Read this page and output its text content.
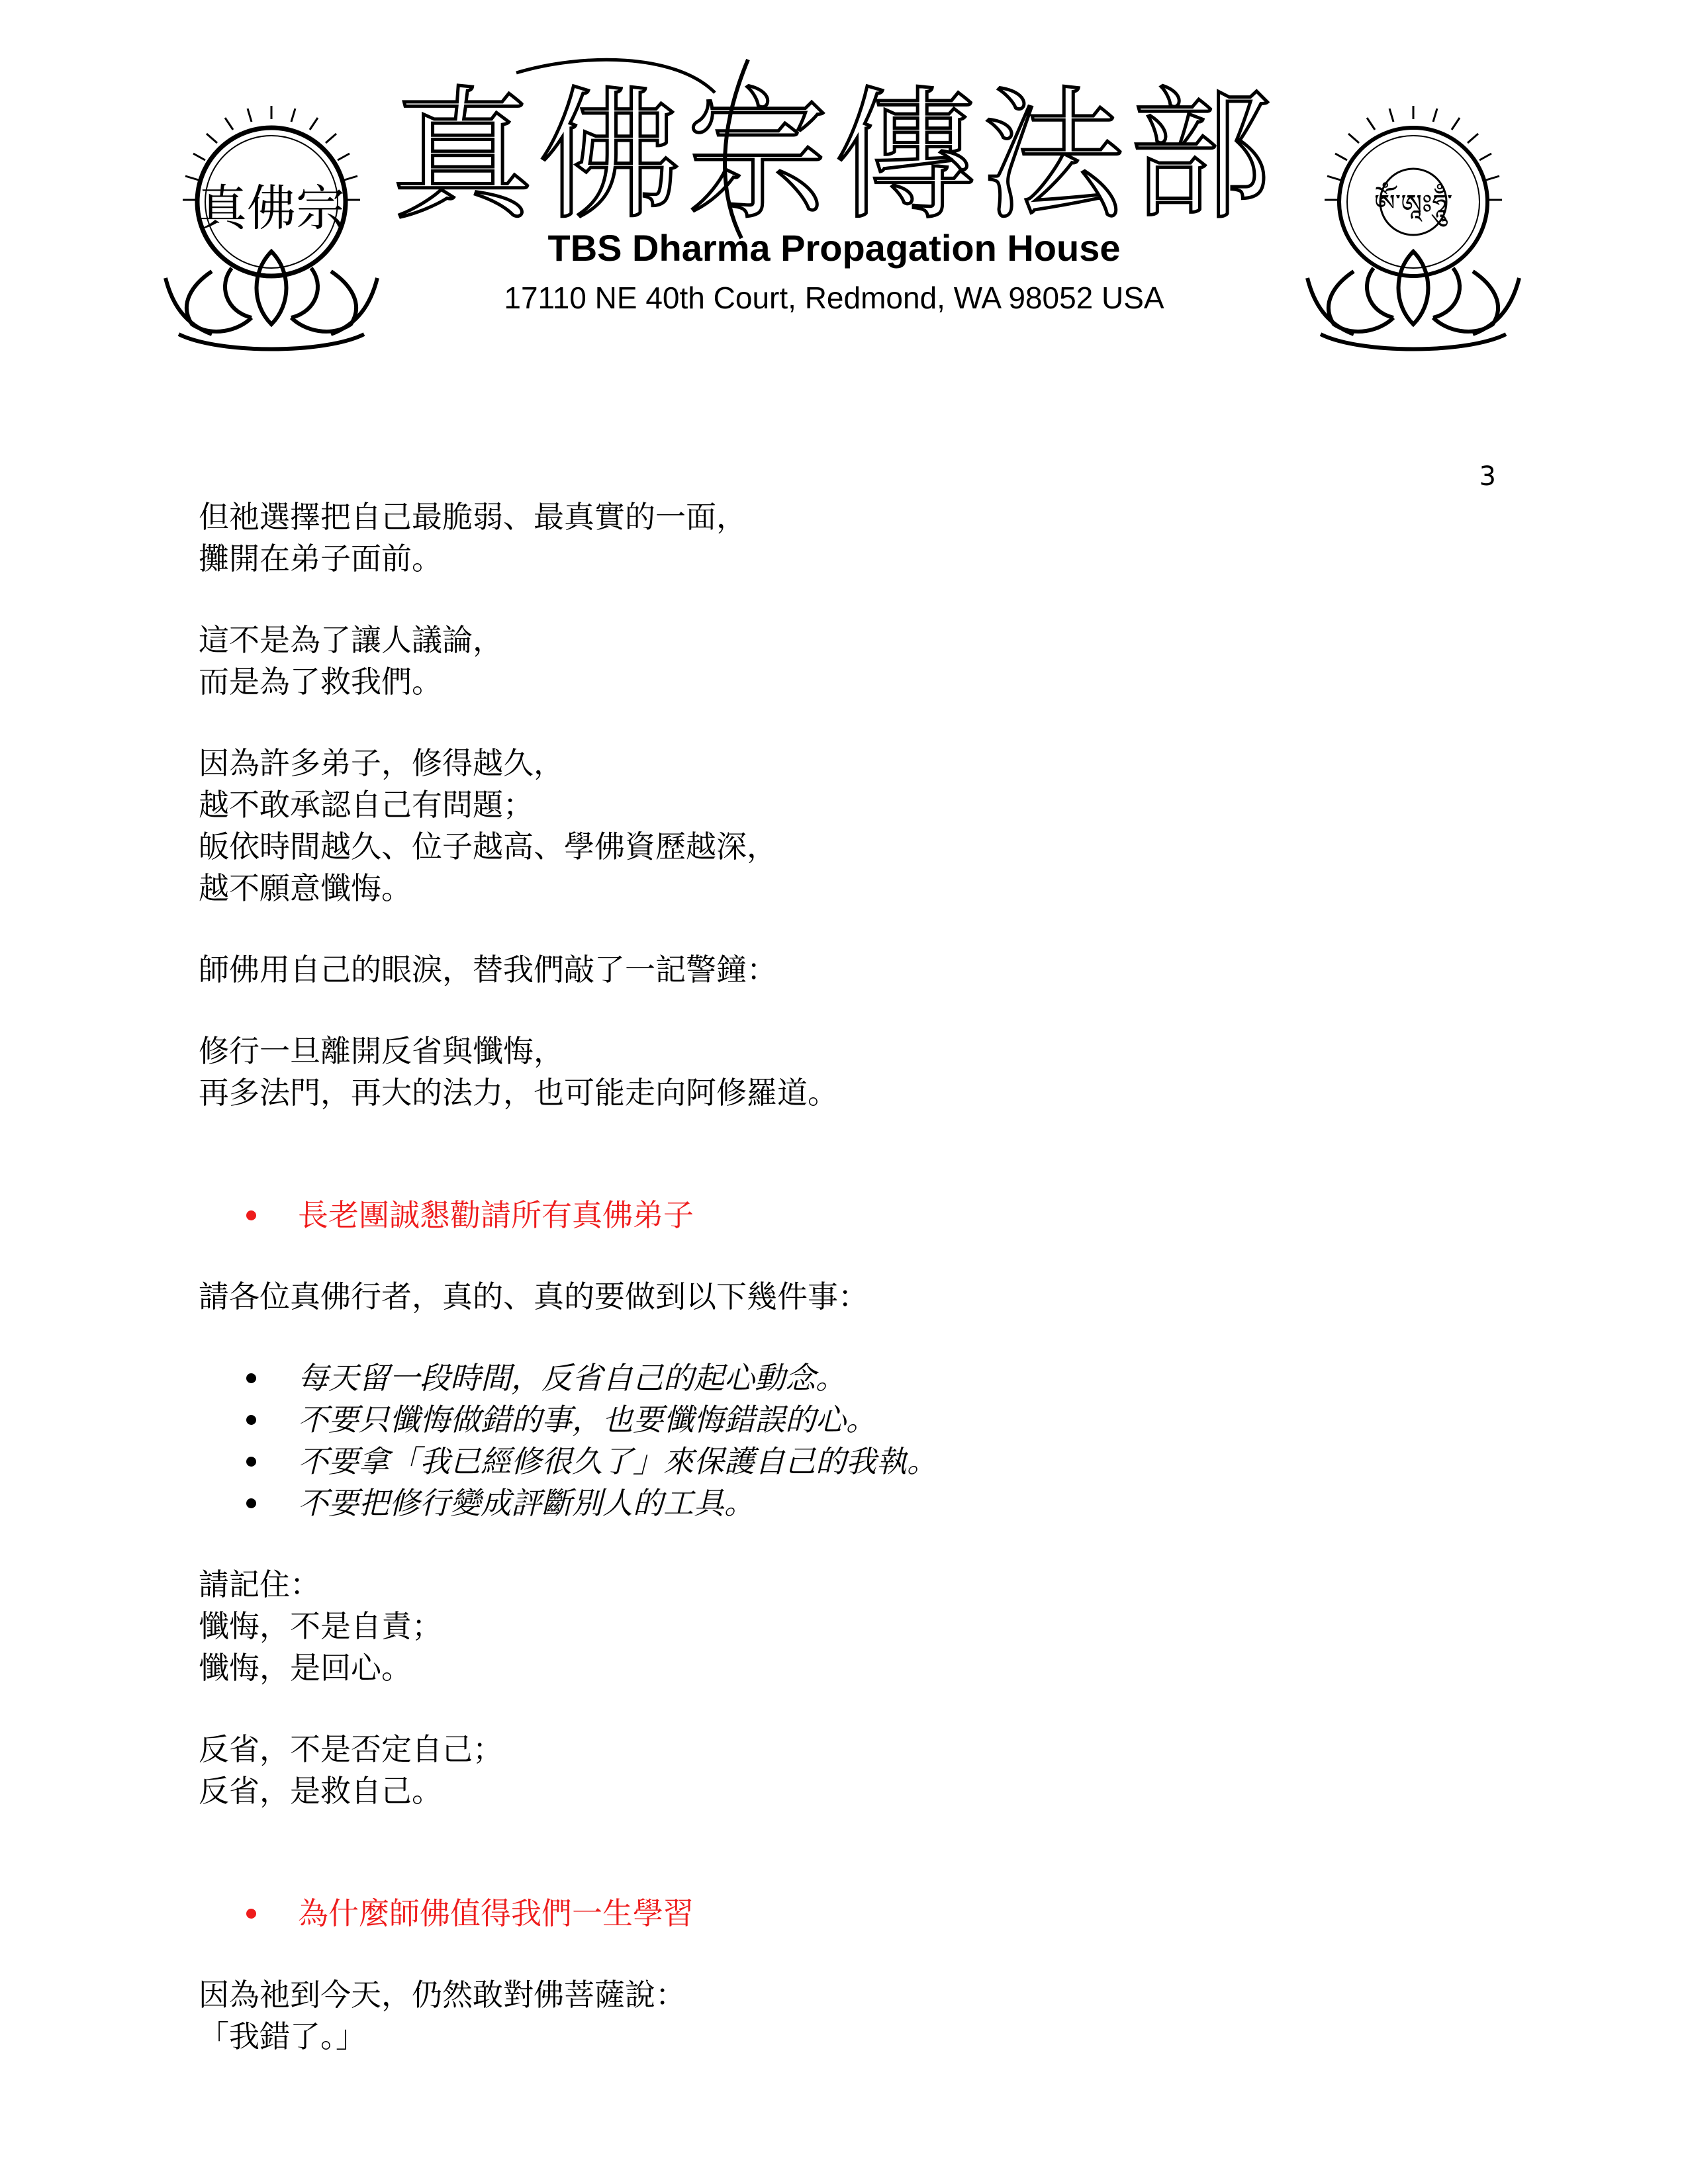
真佛宗 真佛宗傳法部
TBS Dharma Propagation House
17110 NE 40th Court, Redmond, WA 98052 USA
ཨོཾ་ཨཱཿཧཱུྃ་
3
但祂選擇把自己最脆弱、最真實的一面，
攤開在弟子面前。
這不是為了讓人議論，
而是為了救我們。
因為許多弟子，修得越久，
越不敢承認自己有問題；
皈依時間越久、位子越高、學佛資歷越深，
越不願意懺悔。
師佛用自己的眼淚，替我們敲了一記警鐘：
修行一旦離開反省與懺悔，
再多法門，再大的法力，也可能走向阿修羅道。
長老團誠懇勸請所有真佛弟子
請各位真佛行者，真的、真的要做到以下幾件事：
每天留一段時間，反省自己的起心動念。
不要只懺悔做錯的事，也要懺悔錯誤的心。
不要拿「我已經修很久了」來保護自己的我執。
不要把修行變成評斷別人的工具。
請記住：
懺悔，不是自責；
懺悔，是回心。
反省，不是否定自己；
反省，是救自己。
為什麼師佛值得我們一生學習
因為祂到今天，仍然敢對佛菩薩說：
「我錯了。」
